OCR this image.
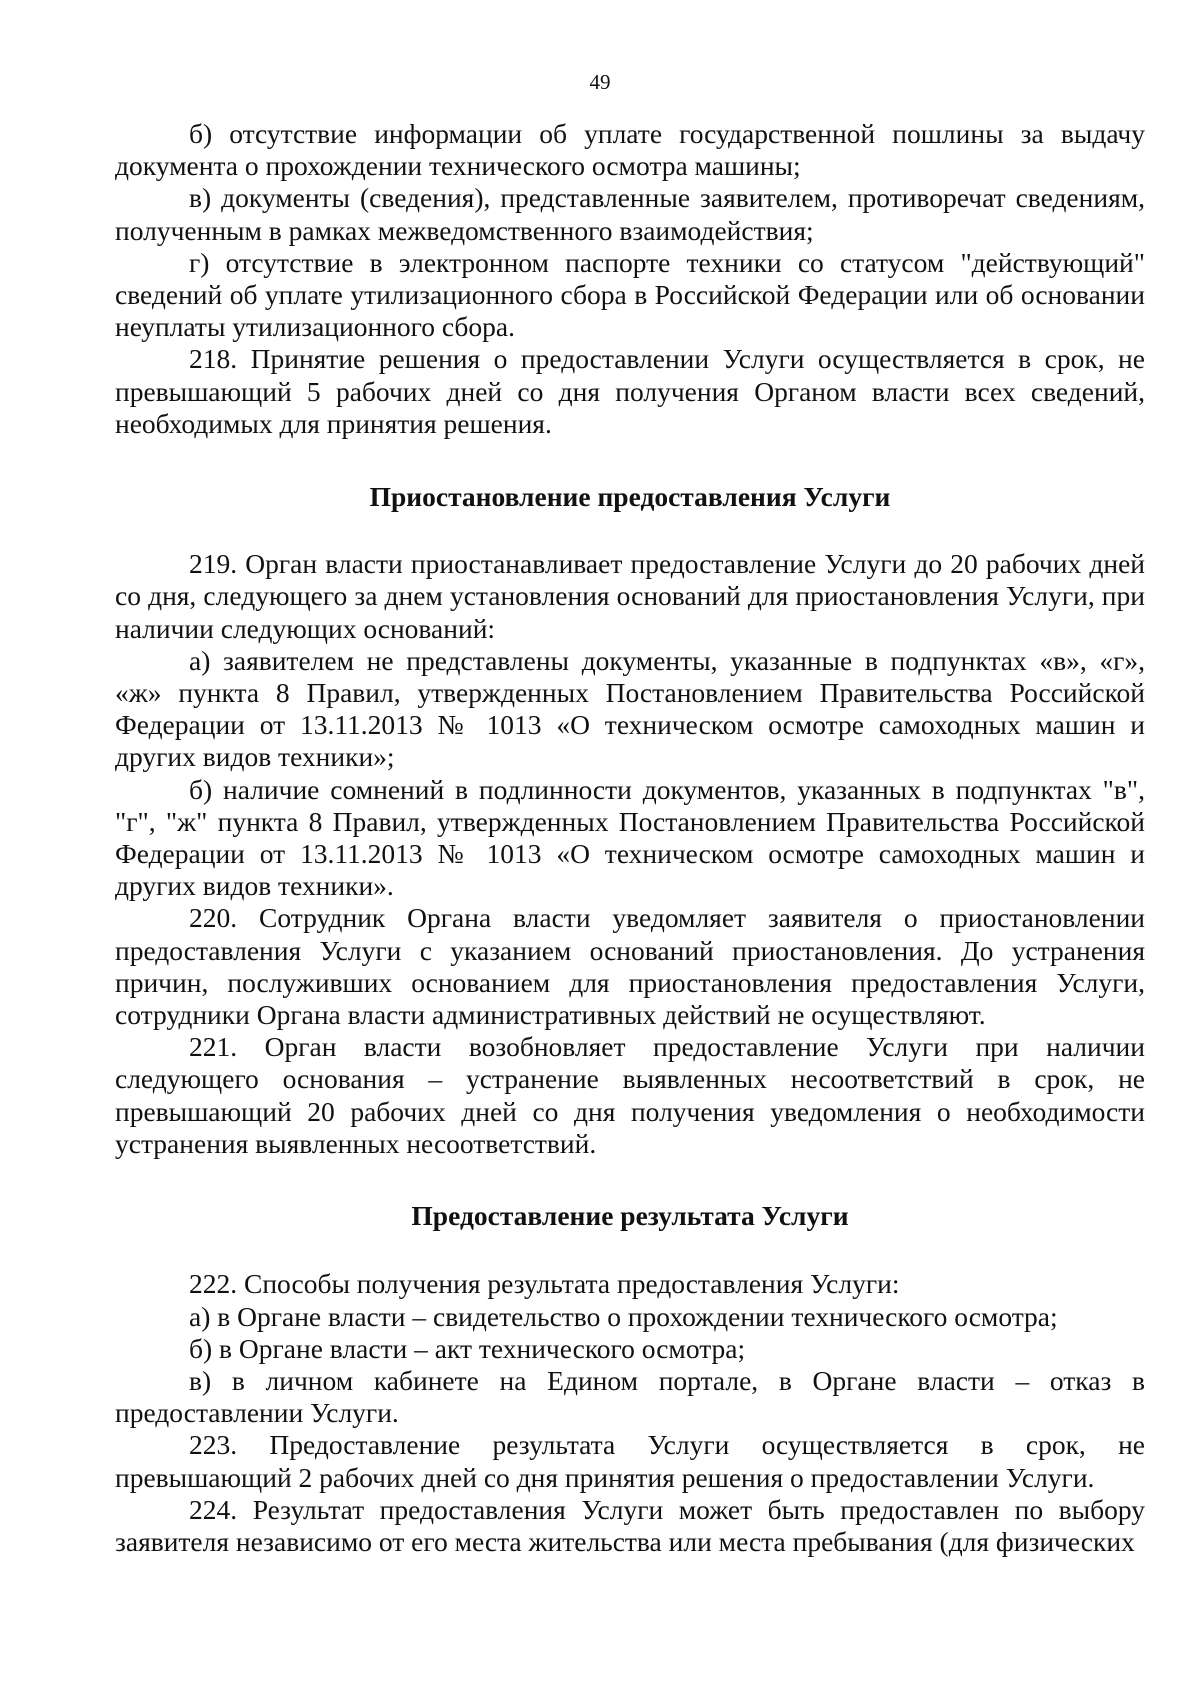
49

б) отсутствие информации об уплате государственной пошлины за выдачу документа о прохождении технического осмотра машины;

в) документы (сведения), представленные заявителем, противоречат сведениям, полученным в рамках межведомственного взаимодействия;

г) отсутствие в электронном паспорте техники со статусом "действующий" сведений об уплате утилизационного сбора в Российской Федерации или об основании неуплаты утилизационного сбора.

218. Принятие решения о предоставлении Услуги осуществляется в срок, не превышающий 5 рабочих дней со дня получения Органом власти всех сведений, необходимых для принятия решения.

Приостановление предоставления Услуги

219. Орган власти приостанавливает предоставление Услуги до 20 рабочих дней со дня, следующего за днем установления оснований для приостановления Услуги, при наличии следующих оснований:

а) заявителем не представлены документы, указанные в подпунктах «в», «г», «ж» пункта 8 Правил, утвержденных Постановлением Правительства Российской Федерации от 13.11.2013 № 1013 «О техническом осмотре самоходных машин и других видов техники»;

б) наличие сомнений в подлинности документов, указанных в подпунктах "в", "г", "ж" пункта 8 Правил, утвержденных Постановлением Правительства Российской Федерации от 13.11.2013 № 1013 «О техническом осмотре самоходных машин и других видов техники».

220. Сотрудник Органа власти уведомляет заявителя о приостановлении предоставления Услуги с указанием оснований приостановления. До устранения причин, послуживших основанием для приостановления предоставления Услуги, сотрудники Органа власти административных действий не осуществляют.

221. Орган власти возобновляет предоставление Услуги при наличии следующего основания – устранение выявленных несоответствий в срок, не превышающий 20 рабочих дней со дня получения уведомления о необходимости устранения выявленных несоответствий.

Предоставление результата Услуги

222. Способы получения результата предоставления Услуги:

а) в Органе власти – свидетельство о прохождении технического осмотра;

б) в Органе власти – акт технического осмотра;

в) в личном кабинете на Едином портале, в Органе власти – отказ в предоставлении Услуги.

223. Предоставление результата Услуги осуществляется в срок, не превышающий 2 рабочих дней со дня принятия решения о предоставлении Услуги.

224. Результат предоставления Услуги может быть предоставлен по выбору заявителя независимо от его места жительства или места пребывания (для физических
